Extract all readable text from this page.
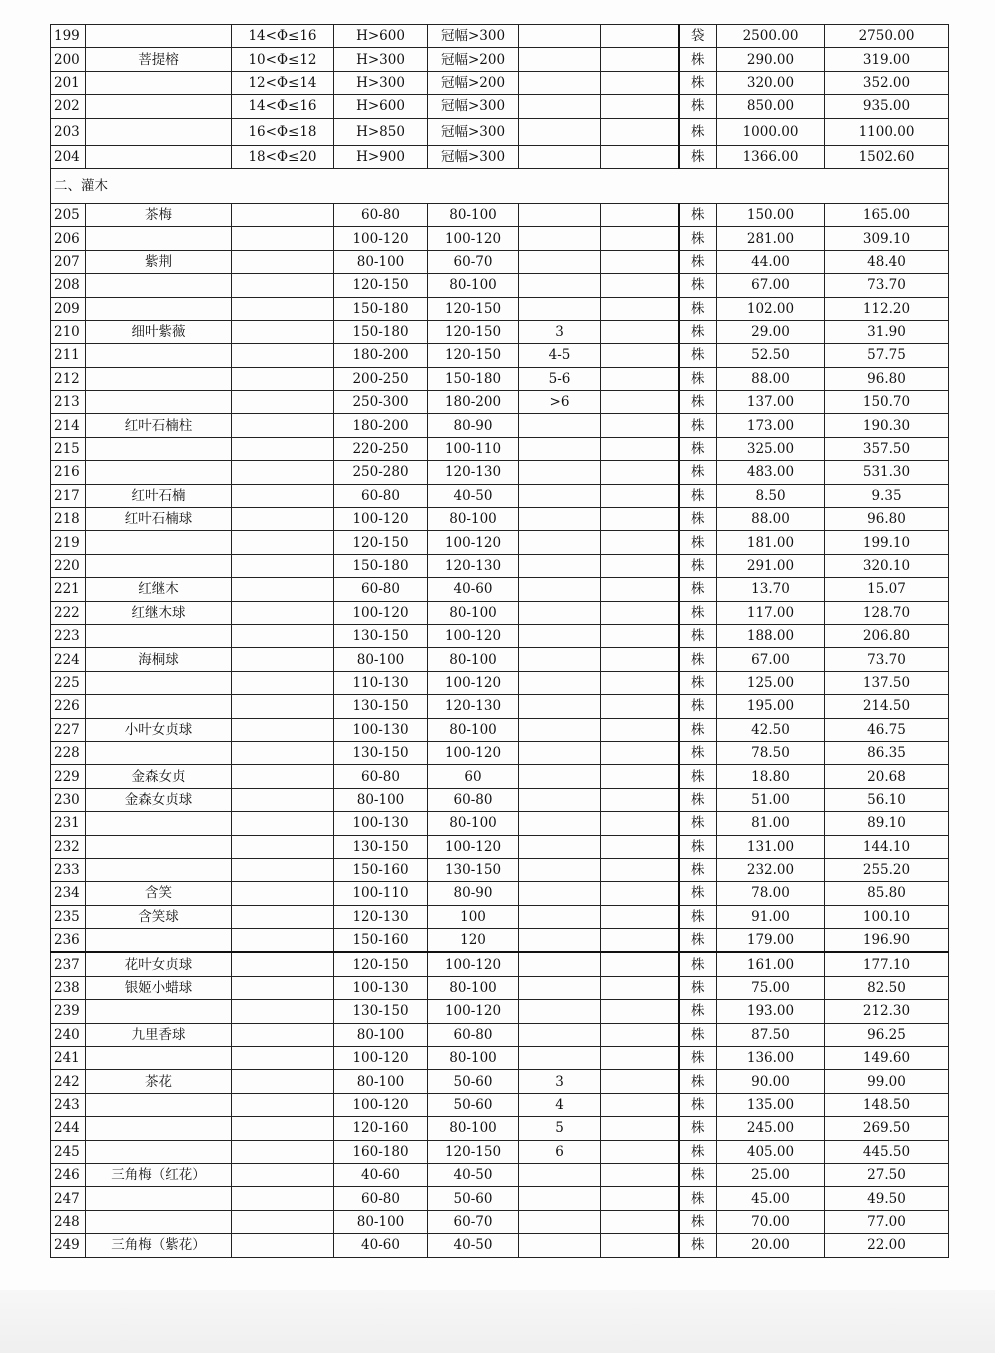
199		14<Φ≤16	H>600	冠幅>300			袋	2500.00	2750.00
200	菩提榕	10<Φ≤12	H>300	冠幅>200			株	290.00	319.00
201		12<Φ≤14	H>300	冠幅>200			株	320.00	352.00
202		14<Φ≤16	H>600	冠幅>300			株	850.00	935.00
203		16<Φ≤18	H>850	冠幅>300			株	1000.00	1100.00
204		18<Φ≤20	H>900	冠幅>300			株	1366.00	1502.60
二、灌木									
205	茶梅		60-80	80-100			株	150.00	165.00
206			100-120	100-120			株	281.00	309.10
207	紫荆		80-100	60-70			株	44.00	48.40
208			120-150	80-100			株	67.00	73.70
209			150-180	120-150			株	102.00	112.20
210	细叶紫薇		150-180	120-150	3		株	29.00	31.90
211			180-200	120-150	4-5		株	52.50	57.75
212			200-250	150-180	5-6		株	88.00	96.80
213			250-300	180-200	>6		株	137.00	150.70
214	红叶石楠柱		180-200	80-90			株	173.00	190.30
215			220-250	100-110			株	325.00	357.50
216			250-280	120-130			株	483.00	531.30
217	红叶石楠		60-80	40-50			株	8.50	9.35
218	红叶石楠球		100-120	80-100			株	88.00	96.80
219			120-150	100-120			株	181.00	199.10
220			150-180	120-130			株	291.00	320.10
221	红继木		60-80	40-60			株	13.70	15.07
222	红继木球		100-120	80-100			株	117.00	128.70
223			130-150	100-120			株	188.00	206.80
224	海桐球		80-100	80-100			株	67.00	73.70
225			110-130	100-120			株	125.00	137.50
226			130-150	120-130			株	195.00	214.50
227	小叶女贞球		100-130	80-100			株	42.50	46.75
228			130-150	100-120			株	78.50	86.35
229	金森女贞		60-80	60			株	18.80	20.68
230	金森女贞球		80-100	60-80			株	51.00	56.10
231			100-130	80-100			株	81.00	89.10
232			130-150	100-120			株	131.00	144.10
233			150-160	130-150			株	232.00	255.20
234	含笑		100-110	80-90			株	78.00	85.80
235	含笑球		120-130	100			株	91.00	100.10
236			150-160	120			株	179.00	196.90
237	花叶女贞球		120-150	100-120			株	161.00	177.10
238	银姬小蜡球		100-130	80-100			株	75.00	82.50
239			130-150	100-120			株	193.00	212.30
240	九里香球		80-100	60-80			株	87.50	96.25
241			100-120	80-100			株	136.00	149.60
242	茶花		80-100	50-60	3		株	90.00	99.00
243			100-120	50-60	4		株	135.00	148.50
244			120-160	80-100	5		株	245.00	269.50
245			160-180	120-150	6		株	405.00	445.50
246	三角梅（红花）		40-60	40-50			株	25.00	27.50
247			60-80	50-60			株	45.00	49.50
248			80-100	60-70			株	70.00	77.00
249	三角梅（紫花）		40-60	40-50			株	20.00	22.00
